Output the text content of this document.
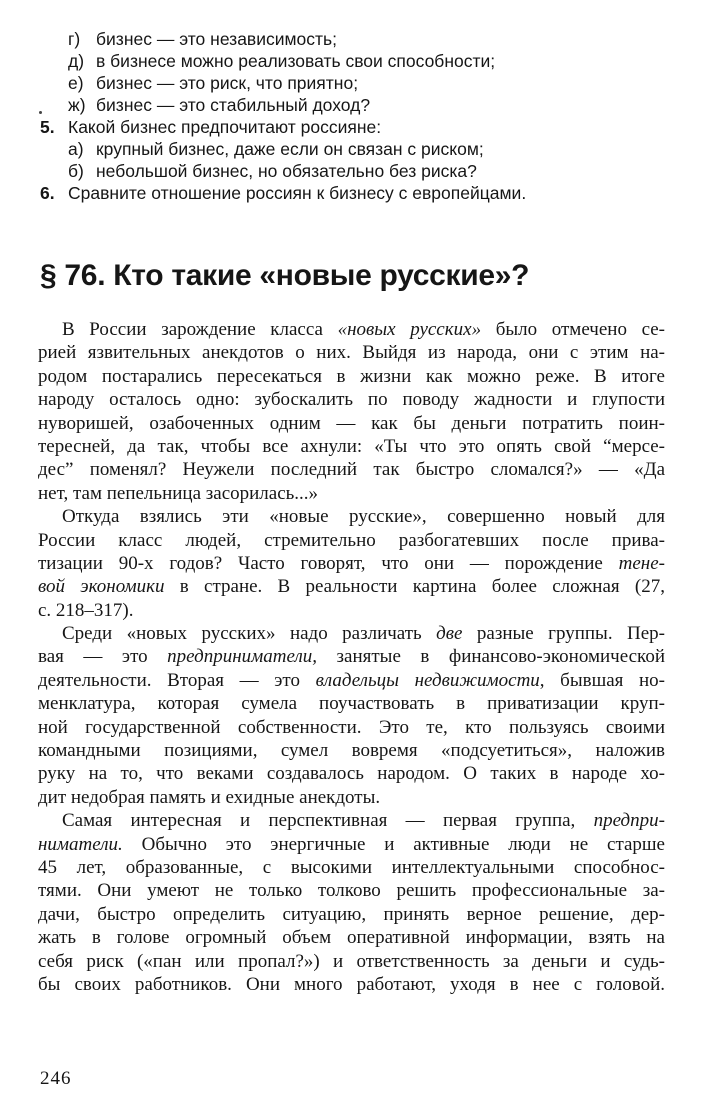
г) бизнес — это независимость;
д) в бизнесе можно реализовать свои способности;
е) бизнес — это риск, что приятно;
ж) бизнес — это стабильный доход?
5. Какой бизнес предпочитают россияне:
а) крупный бизнес, даже если он связан с риском;
б) небольшой бизнес, но обязательно без риска?
6. Сравните отношение россиян к бизнесу с европейцами.
§ 76. Кто такие «новые русские»?
В России зарождение класса «новых русских» было отмечено се-
рией язвительных анекдотов о них. Выйдя из народа, они с этим на-
родом постарались пересекаться в жизни как можно реже. В итоге
народу осталось одно: зубоскалить по поводу жадности и глупости
нуворишей, озабоченных одним — как бы деньги потратить поин-
тересней, да так, чтобы все ахнули: «Ты что это опять свой “мерсе-
дес” поменял? Неужели последний так быстро сломался?» — «Да
нет, там пепельница засорилась...»
Откуда взялись эти «новые русские», совершенно новый для
России класс людей, стремительно разбогатевших после прива-
тизации 90-х годов? Часто говорят, что они — порождение тене-
вой экономики в стране. В реальности картина более сложная (27,
с. 218–317).
Среди «новых русских» надо различать две разные группы. Пер-
вая — это предприниматели, занятые в финансово-экономической
деятельности. Вторая — это владельцы недвижимости, бывшая но-
менклатура, которая сумела поучаствовать в приватизации круп-
ной государственной собственности. Это те, кто пользуясь своими
командными позициями, сумел вовремя «подсуетиться», наложив
руку на то, что веками создавалось народом. О таких в народе хо-
дит недобрая память и ехидные анекдоты.
Самая интересная и перспективная — первая группа, предпри-
ниматели. Обычно это энергичные и активные люди не старше
45 лет, образованные, с высокими интеллектуальными способнос-
тями. Они умеют не только толково решить профессиональные за-
дачи, быстро определить ситуацию, принять верное решение, дер-
жать в голове огромный объем оперативной информации, взять на
себя риск («пан или пропал?») и ответственность за деньги и судь-
бы своих работников. Они много работают, уходя в нее с головой.
246
